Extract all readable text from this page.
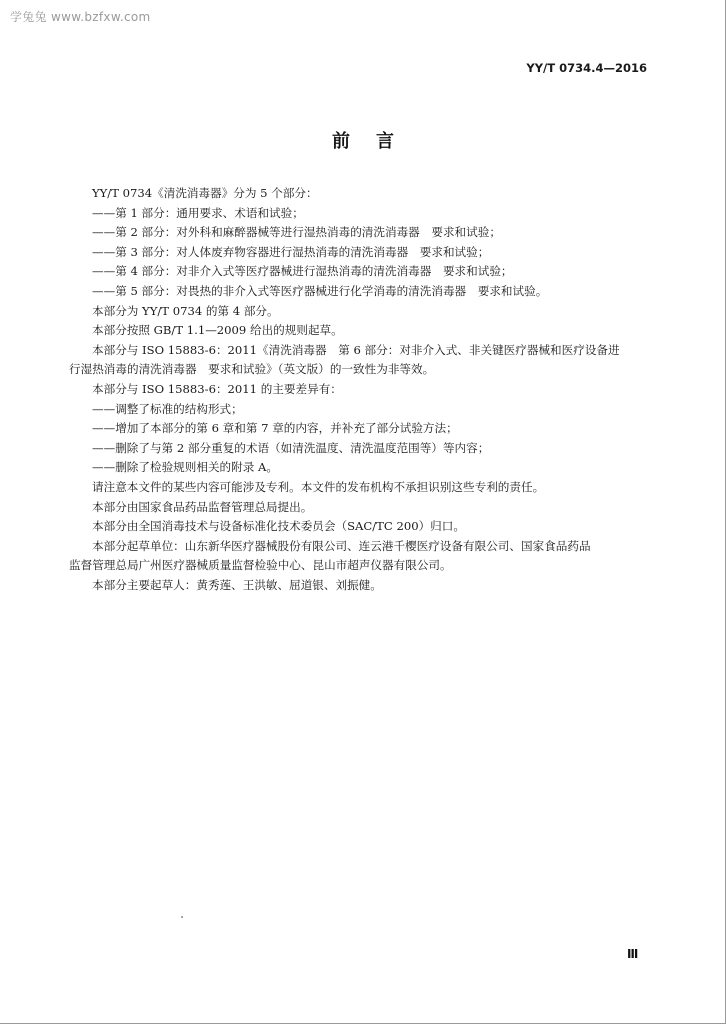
学兔兔 www.bzfxw.com
YY/T 0734.4—2016
前言

YY/T 0734《清洗消毒器》分为 5 个部分：

——第 1 部分：通用要求、术语和试验；

——第 2 部分：对外科和麻醉器械等进行湿热消毒的清洗消毒器　要求和试验；

——第 3 部分：对人体废弃物容器进行湿热消毒的清洗消毒器　要求和试验；

——第 4 部分：对非介入式等医疗器械进行湿热消毒的清洗消毒器　要求和试验；

——第 5 部分：对畏热的非介入式等医疗器械进行化学消毒的清洗消毒器　要求和试验。

本部分为 YY/T 0734 的第 4 部分。

本部分按照 GB/T 1.1—2009 给出的规则起草。

本部分与 ISO 15883-6：2011《清洗消毒器　第 6 部分：对非介入式、非关键医疗器械和医疗设备进
行湿热消毒的清洗消毒器　要求和试验》（英文版）的一致性为非等效。

本部分与 ISO 15883-6：2011 的主要差异有：

——调整了标准的结构形式；

——增加了本部分的第 6 章和第 7 章的内容，并补充了部分试验方法；

——删除了与第 2 部分重复的术语（如清洗温度、清洗温度范围等）等内容；

——删除了检验规则相关的附录 A。

请注意本文件的某些内容可能涉及专利。本文件的发布机构不承担识别这些专利的责任。

本部分由国家食品药品监督管理总局提出。

本部分由全国消毒技术与设备标准化技术委员会（SAC/TC 200）归口。

本部分起草单位：山东新华医疗器械股份有限公司、连云港千樱医疗设备有限公司、国家食品药品
监督管理总局广州医疗器械质量监督检验中心、昆山市超声仪器有限公司。

本部分主要起草人：黄秀莲、王洪敏、屈道银、刘振健。

Ⅲ
